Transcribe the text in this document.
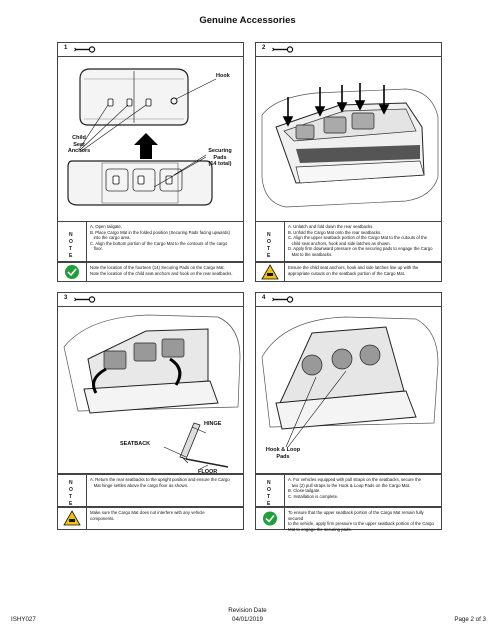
Genuine Accessories
1
Hook
Child
Seat
Anchors	Securing
Pads
(14 total)
N
O
T
E
A. Open tailgate.
B. Place Cargo Mat in the folded position (Securing Pads facing upwards)
into the cargo area.
C. Align the bottom portion of the Cargo Mat to the contours of the cargo
floor.
Note the location of the fourteen (14) Securing Pads on the Cargo Mat.
Note the location of the child seat anchors and hook on the rear seatbacks.
2
N
O
T
E
A. Unlatch and fold down the rear seatbacks.
B. Unfold the Cargo Mat onto the rear seatbacks.
C. Align the upper seatback portion of the Cargo Mat to the cutouts of the
child seat anchors, hook and side latches as shown.
D. Apply firm downward pressure on the securing pads to engage the Cargo
Mat to the seatbacks.
Ensure the child seat anchors, hook and side latches line up with the
appropriate cutouts on the seatback portion of the Cargo Mat.
3
HINGE
SEATBACK
FLOOR
N
O
T
E
A. Return the rear seatbacks to the upright position and ensure the Cargo
Mat hinge settles above the cargo floor as shown.
Make sure the Cargo Mat does not interfere with any vehicle
components.
4
Hook & Loop
Pads
N
O
T
E
A. For vehicles equipped with pull straps on the seatbacks, secure the
two (2) pull straps to the Hook & Loop Pads on the Cargo Mat.
B. Close tailgate.
C. Installation is complete.
To ensure that the upper seatback portion of the Cargo Mat remain fully secured
to the vehicle, apply firm pressure to the upper seatback portion of the Cargo
Mat to engage the securing pads.
ISHY027
Revision Date
04/01/2019	Page 2 of 3
